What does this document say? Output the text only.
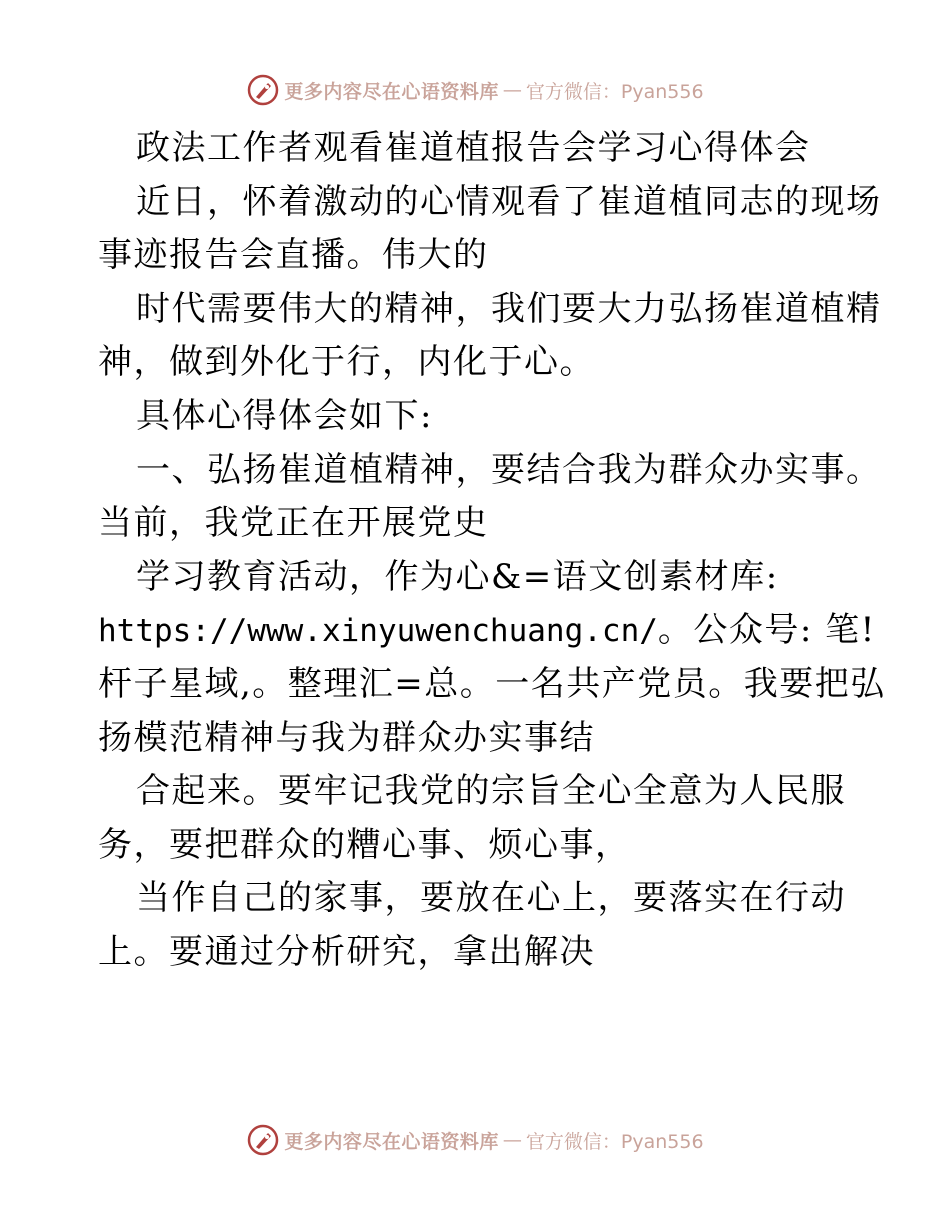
更多内容尽在心语资料库 — 官方微信：Pyan556
政法工作者观看崔道植报告会学习心得体会
近日，怀着激动的心情观看了崔道植同志的现场
事迹报告会直播。伟大的
时代需要伟大的精神，我们要大力弘扬崔道植精
神，做到外化于行，内化于心。
具体心得体会如下:
一、弘扬崔道植精神，要结合我为群众办实事。
当前，我党正在开展党史
学习教育活动，作为心&=语文创素材库:
https://www.xinyuwenchuang.cn/。公众号: 笔!
杆子星域,。整理汇=总。一名共产党员。我要把弘
扬模范精神与我为群众办实事结
合起来。要牢记我党的宗旨全心全意为人民服
务，要把群众的糟心事、烦心事，
当作自己的家事，要放在心上，要落实在行动
上。要通过分析研究，拿出解决
更多内容尽在心语资料库 — 官方微信：Pyan556
